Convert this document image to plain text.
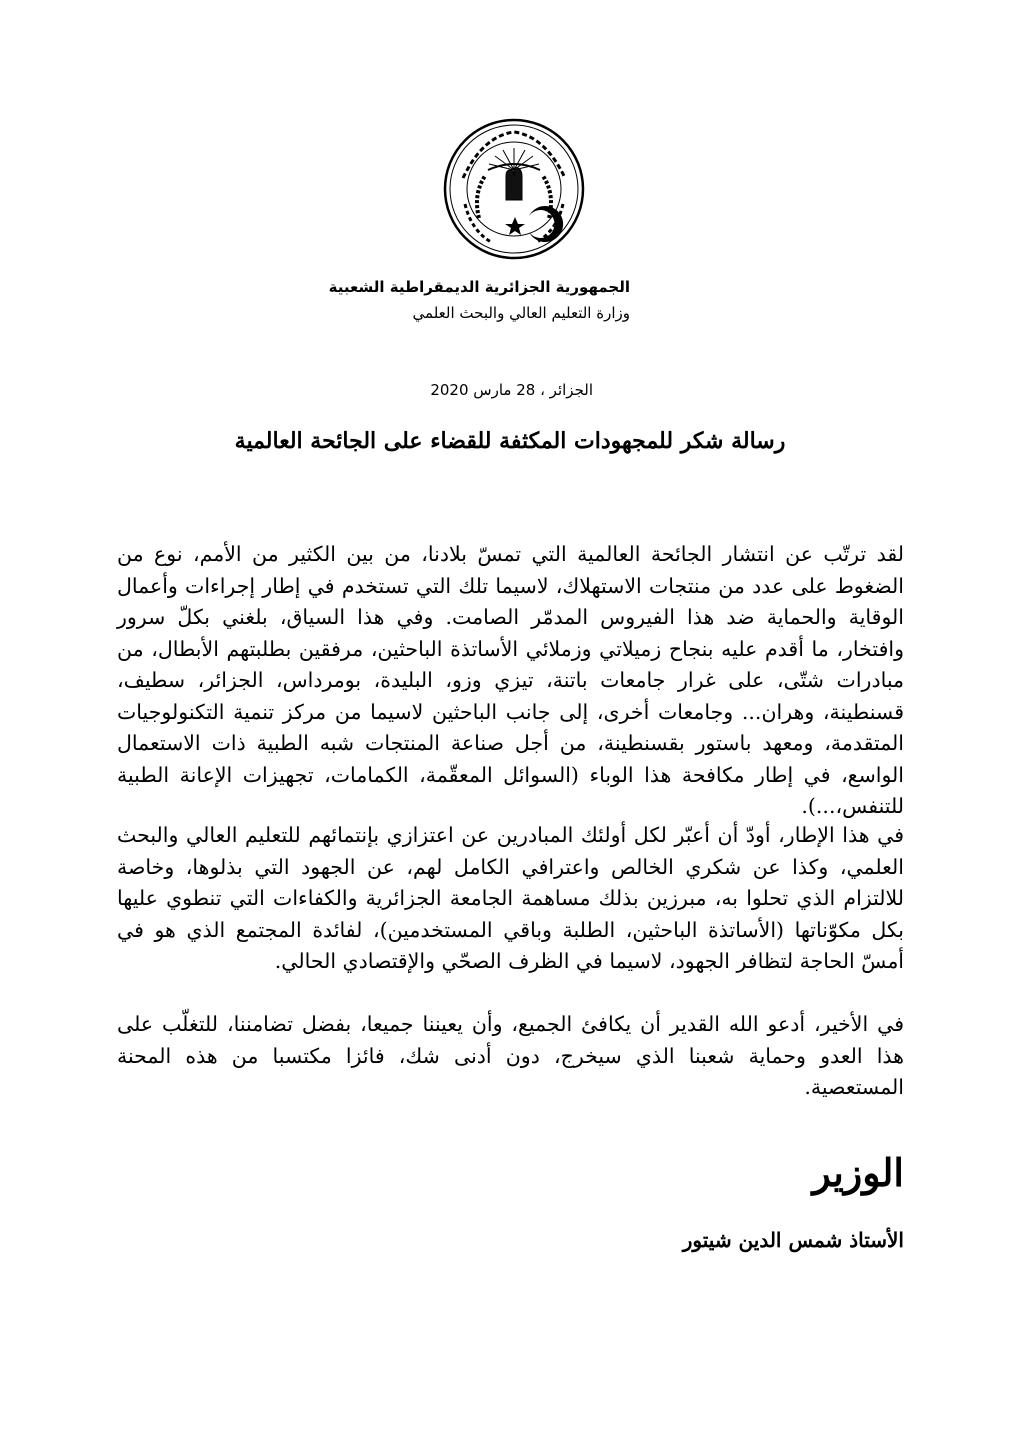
الجمهورية الجزائرية الديمقراطية الشعبية
وزارة التعليم العالي والبحث العلمي
الجزائر ، 28 مارس 2020
رسالة شكر للمجهودات المكثفة للقضاء على الجائحة العالمية

لقد ترتّب عن انتشار الجائحة العالمية التي تمسّ بلادنا، من بين الكثير من الأمم، نوع من الضغوط على عدد من منتجات الاستهلاك، لاسيما تلك التي تستخدم في إطار إجراءات وأعمال الوقاية والحماية ضد هذا الفيروس المدمّر الصامت. وفي هذا السياق، بلغني بكلّ سرور وافتخار، ما أقدم عليه بنجاح زميلاتي وزملائي الأساتذة الباحثين، مرفقين بطلبتهم الأبطال، من مبادرات شتّى، على غرار جامعات باتنة، تيزي وزو، البليدة، بومرداس، الجزائر، سطيف، قسنطينة، وهران... وجامعات أخرى، إلى جانب الباحثين لاسيما من مركز تنمية التكنولوجيات المتقدمة، ومعهد باستور بقسنطينة، من أجل صناعة المنتجات شبه الطبية ذات الاستعمال الواسع، في إطار مكافحة هذا الوباء (السوائل المعقّمة، الكمامات، تجهيزات الإعانة الطبية للتنفس،...).

في هذا الإطار، أودّ أن أعبّر لكل أولئك المبادرين عن اعتزازي بإنتمائهم للتعليم العالي والبحث العلمي، وكذا عن شكري الخالص واعترافي الكامل لهم، عن الجهود التي بذلوها، وخاصة للالتزام الذي تحلوا به، مبرزين بذلك مساهمة الجامعة الجزائرية والكفاءات التي تنطوي عليها بكل مكوّناتها (الأساتذة الباحثين، الطلبة وباقي المستخدمين)، لفائدة المجتمع الذي هو في أمسّ الحاجة لتظافر الجهود، لاسيما في الظرف الصحّي والإقتصادي الحالي.

في الأخير، أدعو الله القدير أن يكافئ الجميع، وأن يعيننا جميعا، بفضل تضامننا، للتغلّب على هذا العدو وحماية شعبنا الذي سيخرج، دون أدنى شك، فائزا مكتسبا من هذه المحنة المستعصية.

الوزير
الأستاذ شمس الدين شيتور
